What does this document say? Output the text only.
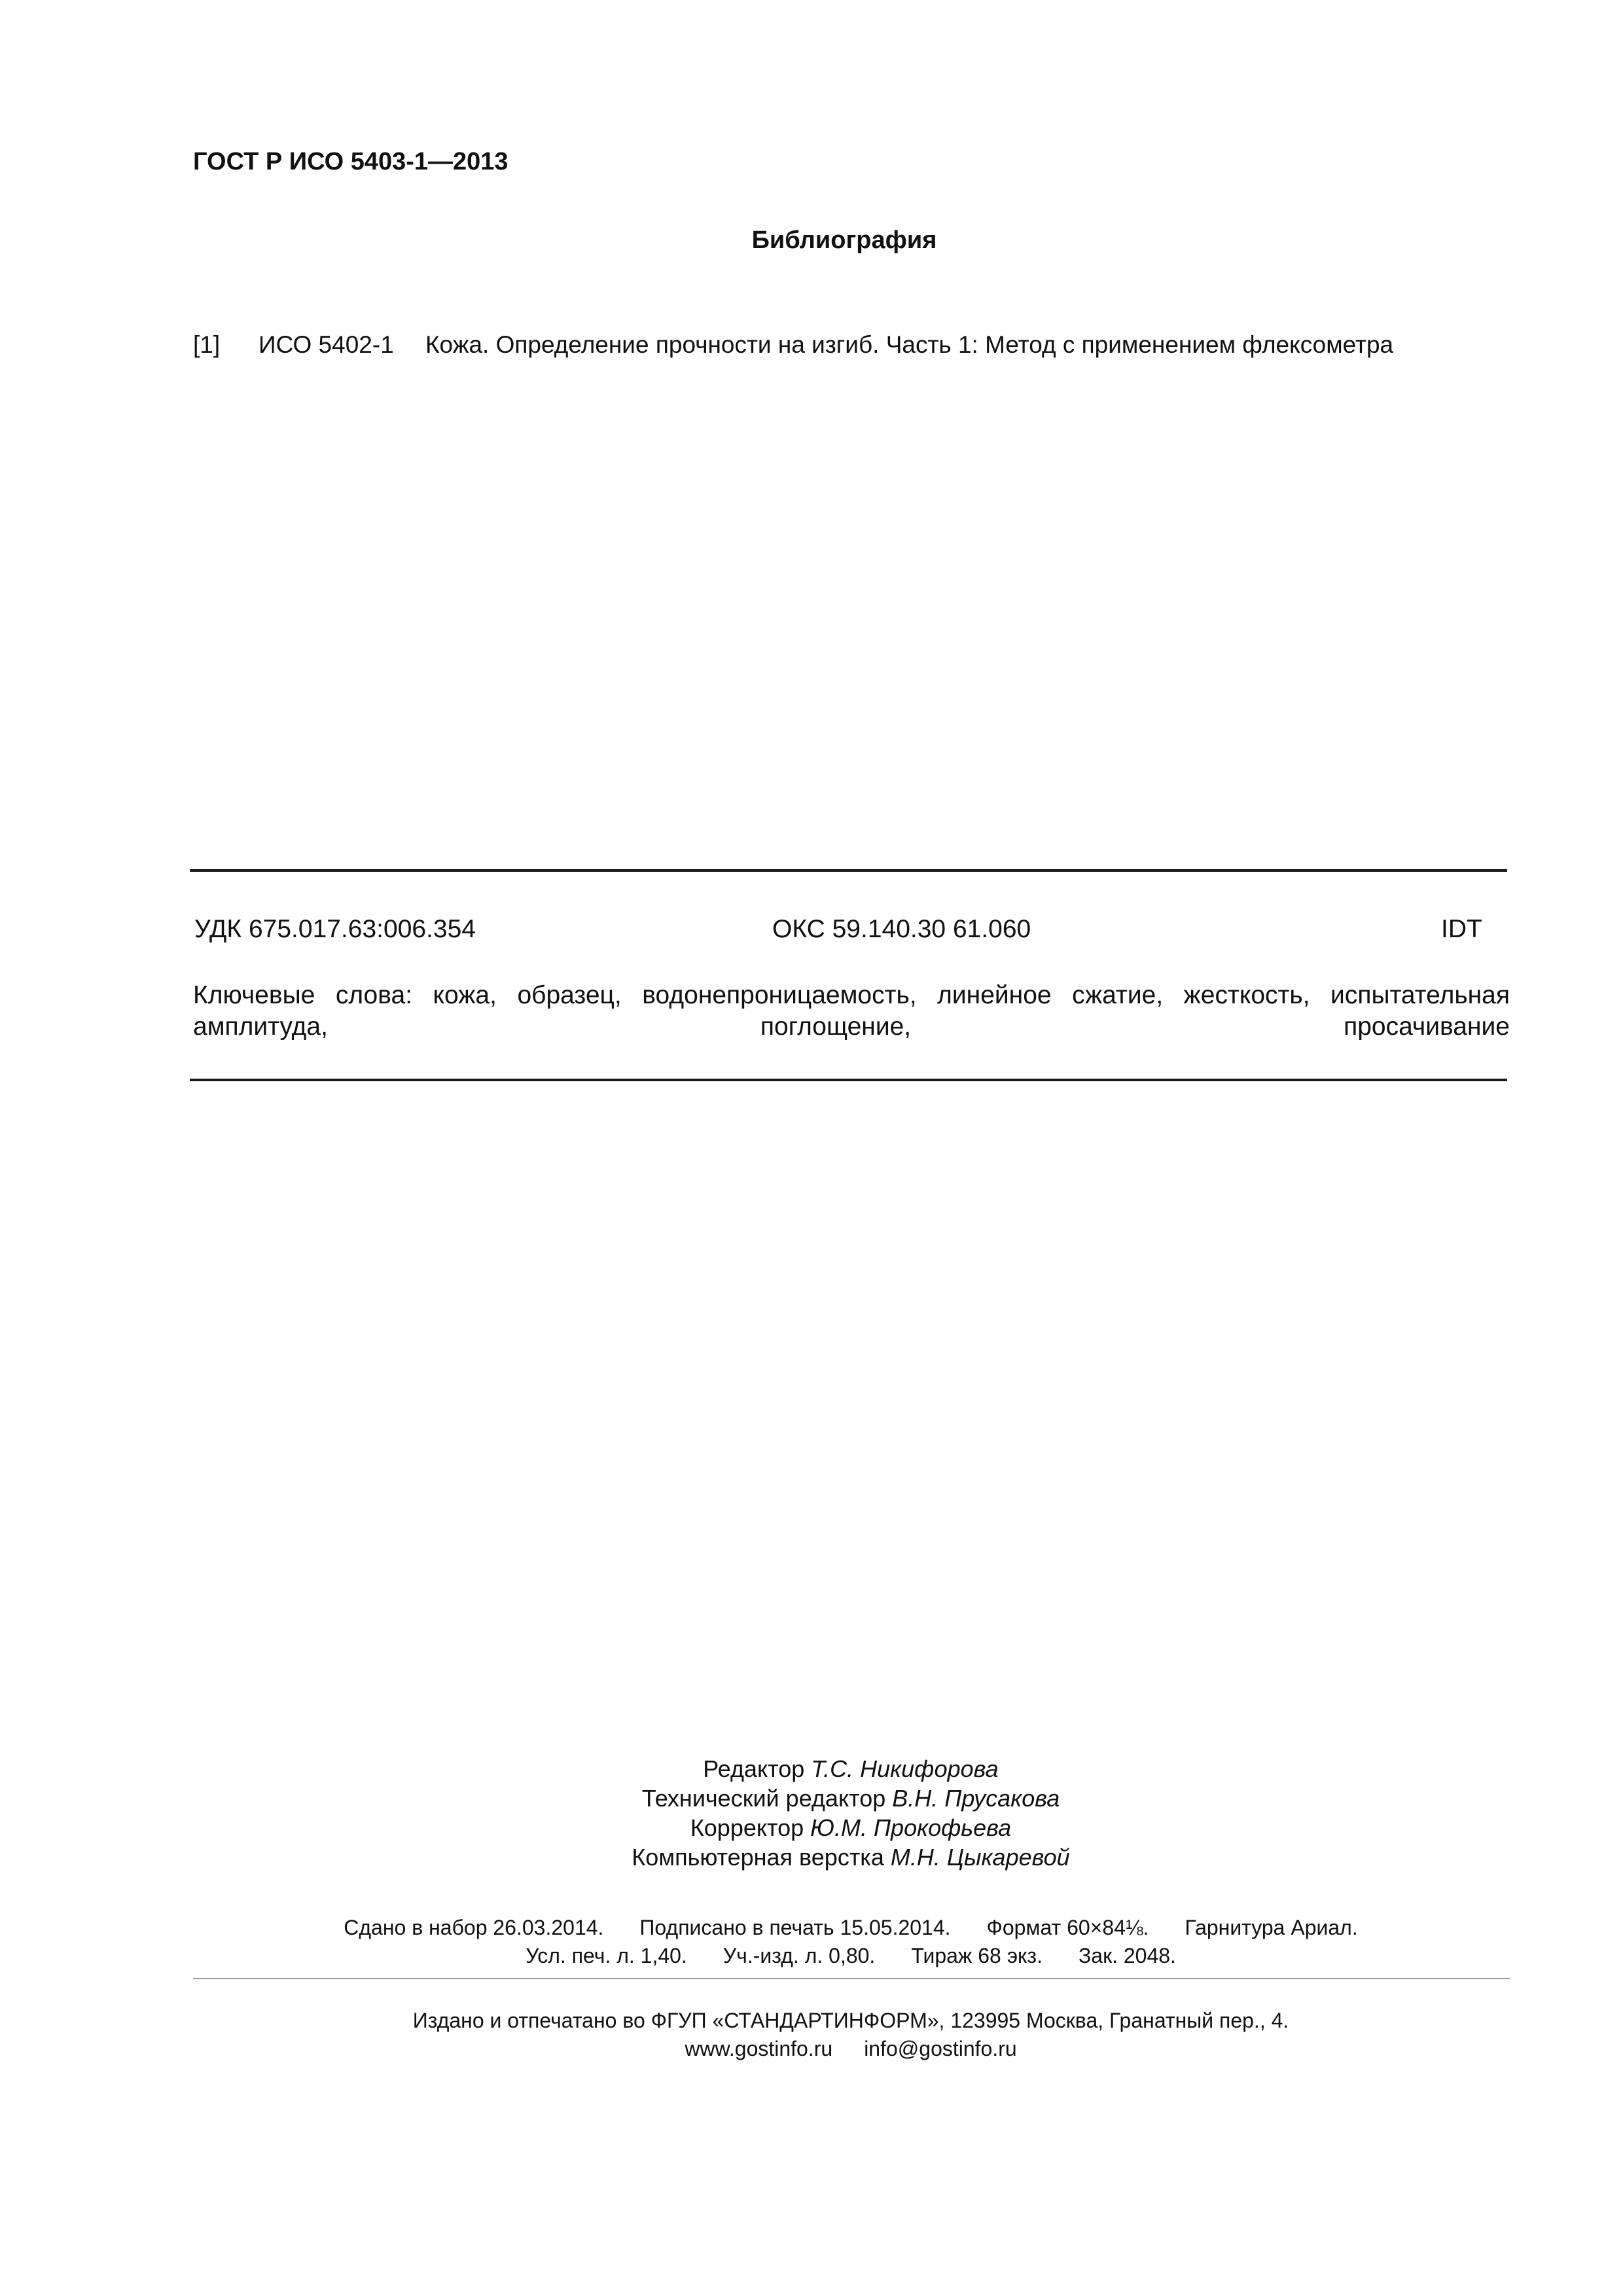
ГОСТ Р ИСО 5403-1—2013
Библиография
[1] ИСО 5402-1 Кожа. Определение прочности на изгиб. Часть 1: Метод с применением флексометра
УДК 675.017.63:006.354	ОКС 59.140.30 61.060	IDT
Ключевые слова: кожа, образец, водонепроницаемость, линейное сжатие, жесткость, испытательная амплитуда, поглощение, просачивание
Редактор Т.С. Никифорова
Технический редактор В.Н. Прусакова
Корректор Ю.М. Прокофьева
Компьютерная верстка М.Н. Цыкаревой
Сдано в набор 26.03.2014. Подписано в печать 15.05.2014. Формат 60×84⅛. Гарнитура Ариал.
Усл. печ. л. 1,40. Уч.-изд. л. 0,80. Тираж 68 экз. Зак. 2048.
Издано и отпечатано во ФГУП «СТАНДАРТИНФОРМ», 123995 Москва, Гранатный пер., 4.
www.gostinfo.ru info@gostinfo.ru
